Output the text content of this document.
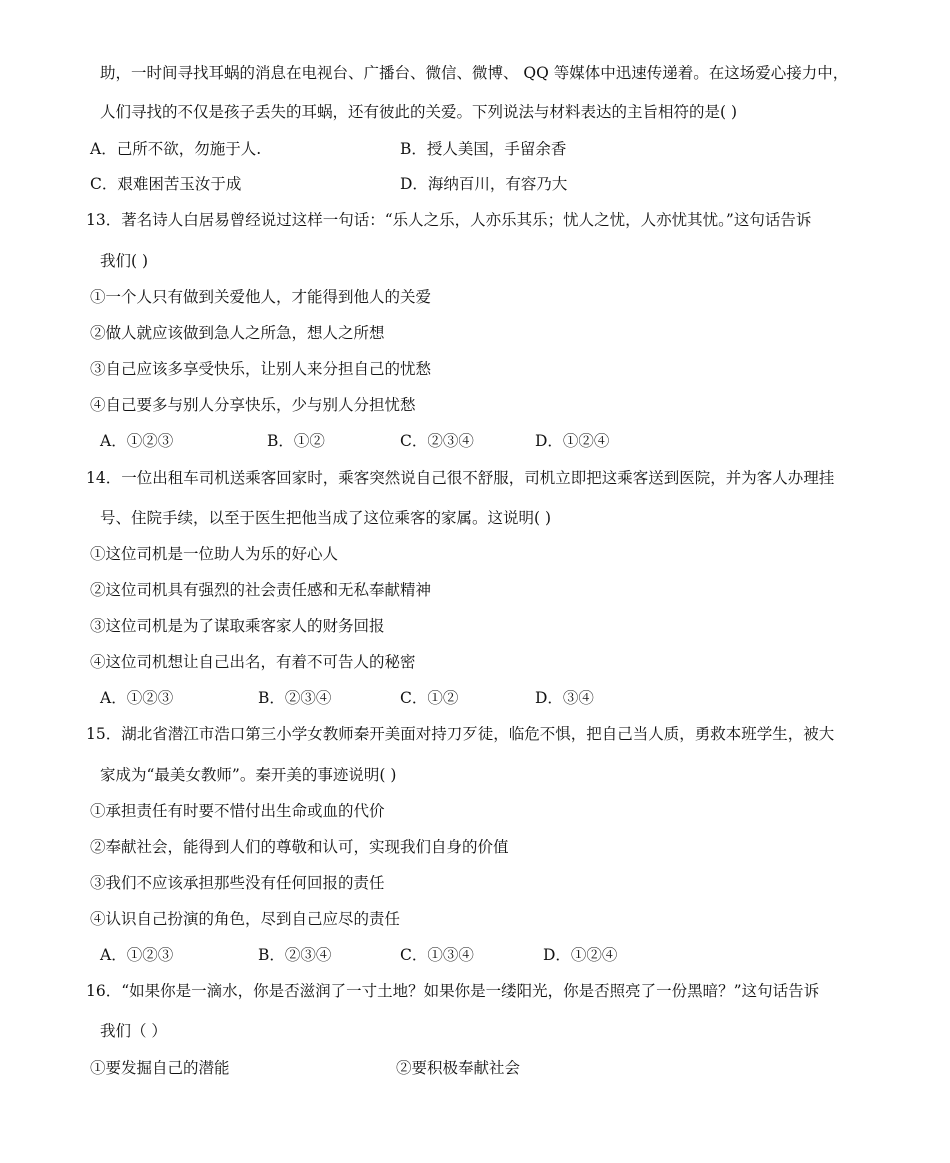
助，一时间寻找耳蜗的消息在电视台、广播台、微信、微博、 QQ 等媒体中迅速传递着。在这场爱心接力中，
人们寻找的不仅是孩子丢失的耳蜗，还有彼此的关爱。下列说法与材料表达的主旨相符的是( )
A．己所不欲，勿施于人.	B．授人美国，手留余香
C．艰难困苦玉汝于成	D．海纳百川，有容乃大
13．著名诗人白居易曾经说过这样一句话：“乐人之乐，人亦乐其乐；忧人之忧，人亦忧其忧。”这句话告诉
我们( )
①一个人只有做到关爱他人，才能得到他人的关爱
②做人就应该做到急人之所急，想人之所想
③自己应该多享受快乐，让别人来分担自己的忧愁
④自己要多与别人分享快乐，少与别人分担忧愁
A．①②③	B．①②	C．②③④	D．①②④
14．一位出租车司机送乘客回家时，乘客突然说自己很不舒服，司机立即把这乘客送到医院，并为客人办理挂
号、住院手续，以至于医生把他当成了这位乘客的家属。这说明( )
①这位司机是一位助人为乐的好心人
②这位司机具有强烈的社会责任感和无私奉献精神
③这位司机是为了谋取乘客家人的财务回报
④这位司机想让自己出名，有着不可告人的秘密
A．①②③	B．②③④	C．①②	D．③④
15．湖北省潜江市浩口第三小学女教师秦开美面对持刀歹徒，临危不惧，把自己当人质，勇救本班学生，被大
家成为“最美女教师”。秦开美的事迹说明( )
①承担责任有时要不惜付出生命或血的代价
②奉献社会，能得到人们的尊敬和认可，实现我们自身的价值
③我们不应该承担那些没有任何回报的责任
④认识自己扮演的角色，尽到自己应尽的责任
A．①②③	B．②③④	C．①③④	D．①②④
16．“如果你是一滴水，你是否滋润了一寸土地？如果你是一缕阳光，你是否照亮了一份黑暗？”这句话告诉
我们（ ）
①要发掘自己的潜能	②要积极奉献社会
